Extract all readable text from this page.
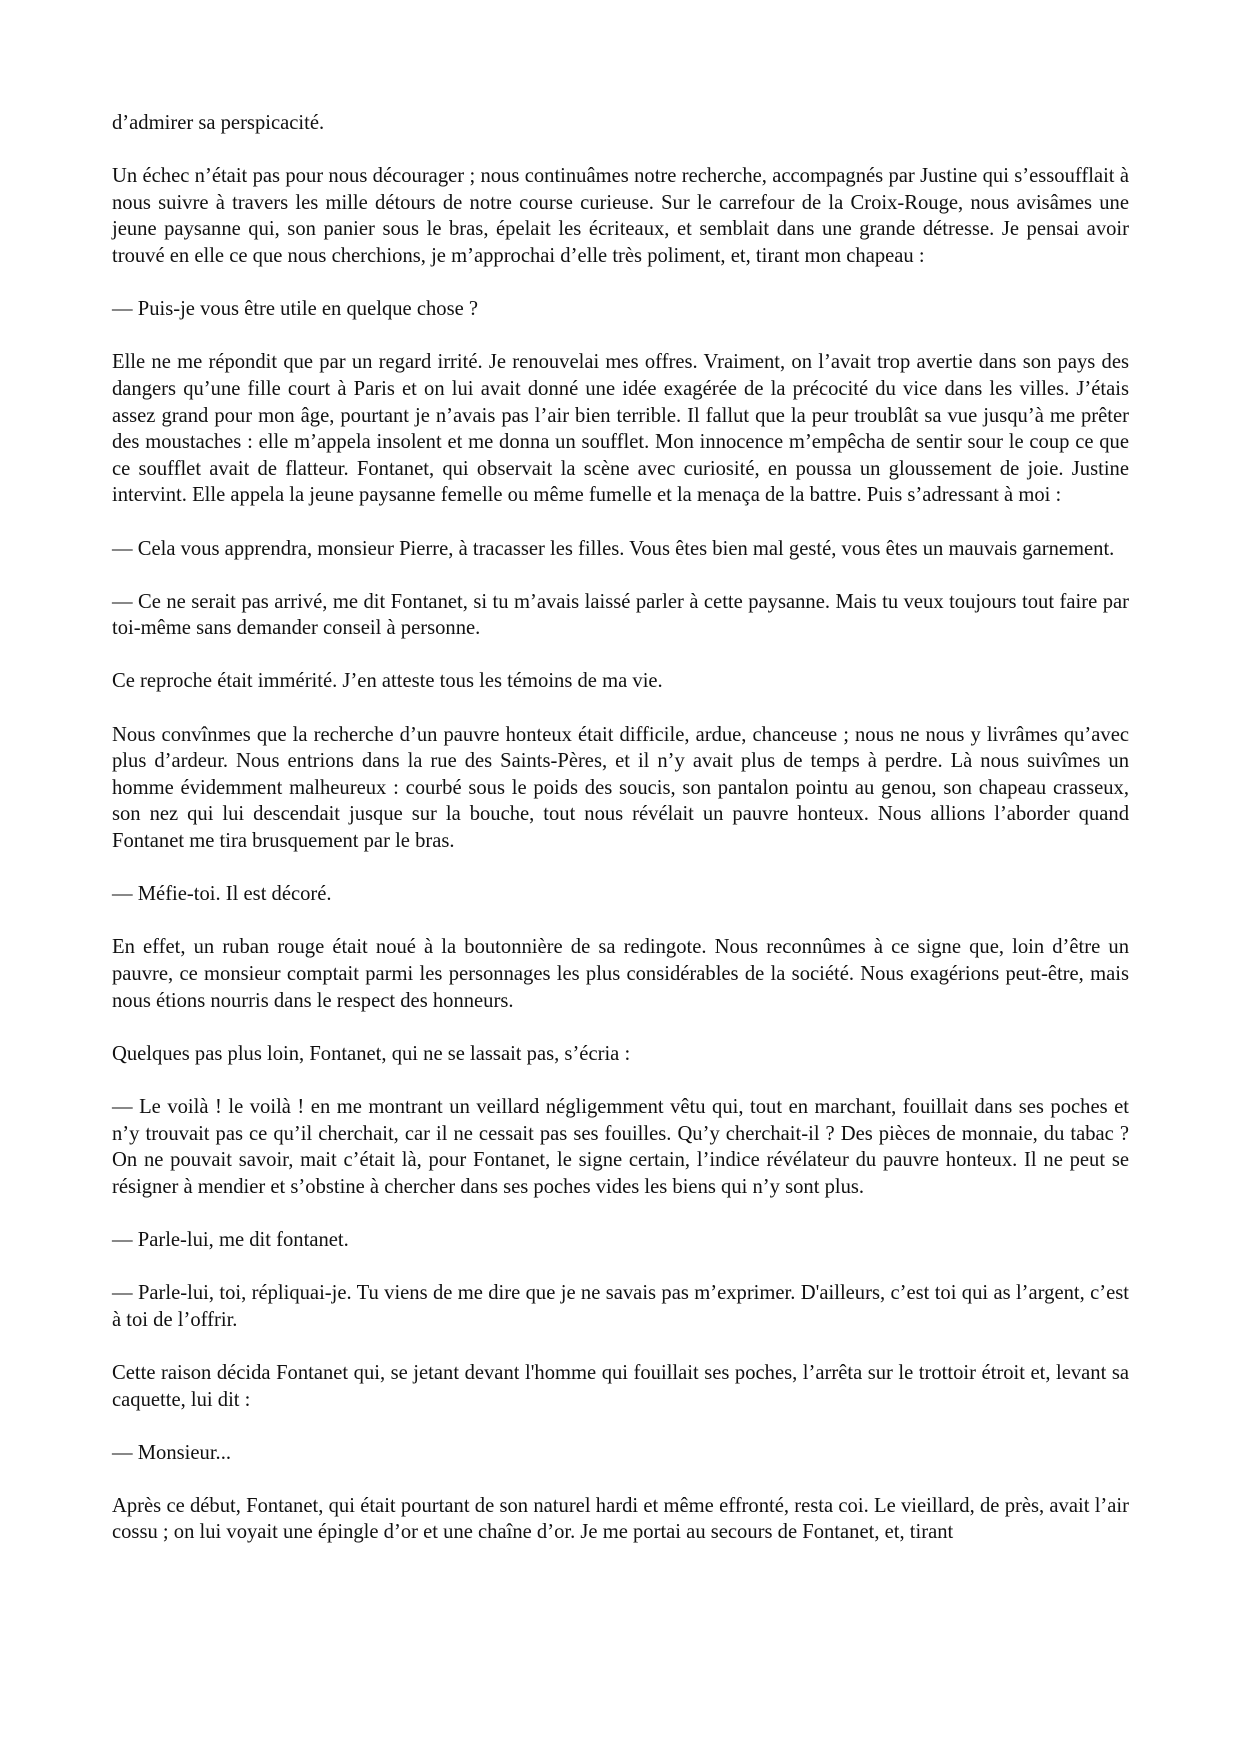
d’admirer sa perspicacité.

Un échec n’était pas pour nous décourager ; nous continuâmes notre recherche, accompagnés par Justine qui s’essoufflait à nous suivre à travers les mille détours de notre course curieuse. Sur le carrefour de la Croix-Rouge, nous avisâmes une jeune paysanne qui, son panier sous le bras, épelait les écriteaux, et semblait dans une grande détresse. Je pensai avoir trouvé en elle ce que nous cherchions, je m’approchai d’elle très poliment, et, tirant mon chapeau :

— Puis-je vous être utile en quelque chose ?

Elle ne me répondit que par un regard irrité. Je renouvelai mes offres. Vraiment, on l’avait trop avertie dans son pays des dangers qu’une fille court à Paris et on lui avait donné une idée exagérée de la précocité du vice dans les villes. J’étais assez grand pour mon âge, pourtant je n’avais pas l’air bien terrible. Il fallut que la peur troublât sa vue jusqu’à me prêter des moustaches : elle m’appela insolent et me donna un soufflet. Mon innocence m’empêcha de sentir sour le coup ce que ce soufflet avait de flatteur. Fontanet, qui observait la scène avec curiosité, en poussa un gloussement de joie. Justine intervint. Elle appela la jeune paysanne femelle ou même fumelle et la menaça de la battre. Puis s’adressant à moi :

— Cela vous apprendra, monsieur Pierre, à tracasser les filles. Vous êtes bien mal gesté, vous êtes un mauvais garnement.

— Ce ne serait pas arrivé, me dit Fontanet, si tu m’avais laissé parler à cette paysanne. Mais tu veux toujours tout faire par toi-même sans demander conseil à personne.

Ce reproche était immérité. J’en atteste tous les témoins de ma vie.

Nous convînmes que la recherche d’un pauvre honteux était difficile, ardue, chanceuse ; nous ne nous y livrâmes qu’avec plus d’ardeur. Nous entrions dans la rue des Saints-Pères, et il n’y avait plus de temps à perdre. Là nous suivîmes un homme évidemment malheureux : courbé sous le poids des soucis, son pantalon pointu au genou, son chapeau crasseux, son nez qui lui descendait jusque sur la bouche, tout nous révélait un pauvre honteux. Nous allions l’aborder quand Fontanet me tira brusquement par le bras.

— Méfie-toi. Il est décoré.

En effet, un ruban rouge était noué à la boutonnière de sa redingote. Nous reconnûmes à ce signe que, loin d’être un pauvre, ce monsieur comptait parmi les personnages les plus considérables de la société. Nous exagérions peut-être, mais nous étions nourris dans le respect des honneurs.

Quelques pas plus loin, Fontanet, qui ne se lassait pas, s’écria :

— Le voilà ! le voilà ! en me montrant un veillard négligemment vêtu qui, tout en marchant, fouillait dans ses poches et n’y trouvait pas ce qu’il cherchait, car il ne cessait pas ses fouilles. Qu’y cherchait-il ? Des pièces de monnaie, du tabac ? On ne pouvait savoir, mait c’était là, pour Fontanet, le signe certain, l’indice révélateur du pauvre honteux. Il ne peut se résigner à mendier et s’obstine à chercher dans ses poches vides les biens qui n’y sont plus.

— Parle-lui, me dit fontanet.

— Parle-lui, toi, répliquai-je. Tu viens de me dire que je ne savais pas m’exprimer. D'ailleurs, c’est toi qui as l’argent, c’est à toi de l’offrir.

Cette raison décida Fontanet qui, se jetant devant l'homme qui fouillait ses poches, l’arrêta sur le trottoir étroit et, levant sa caquette, lui dit :

— Monsieur...

Après ce début, Fontanet, qui était pourtant de son naturel hardi et même effronté, resta coi. Le vieillard, de près, avait l’air cossu ; on lui voyait une épingle d’or et une chaîne d’or. Je me portai au secours de Fontanet, et, tirant
